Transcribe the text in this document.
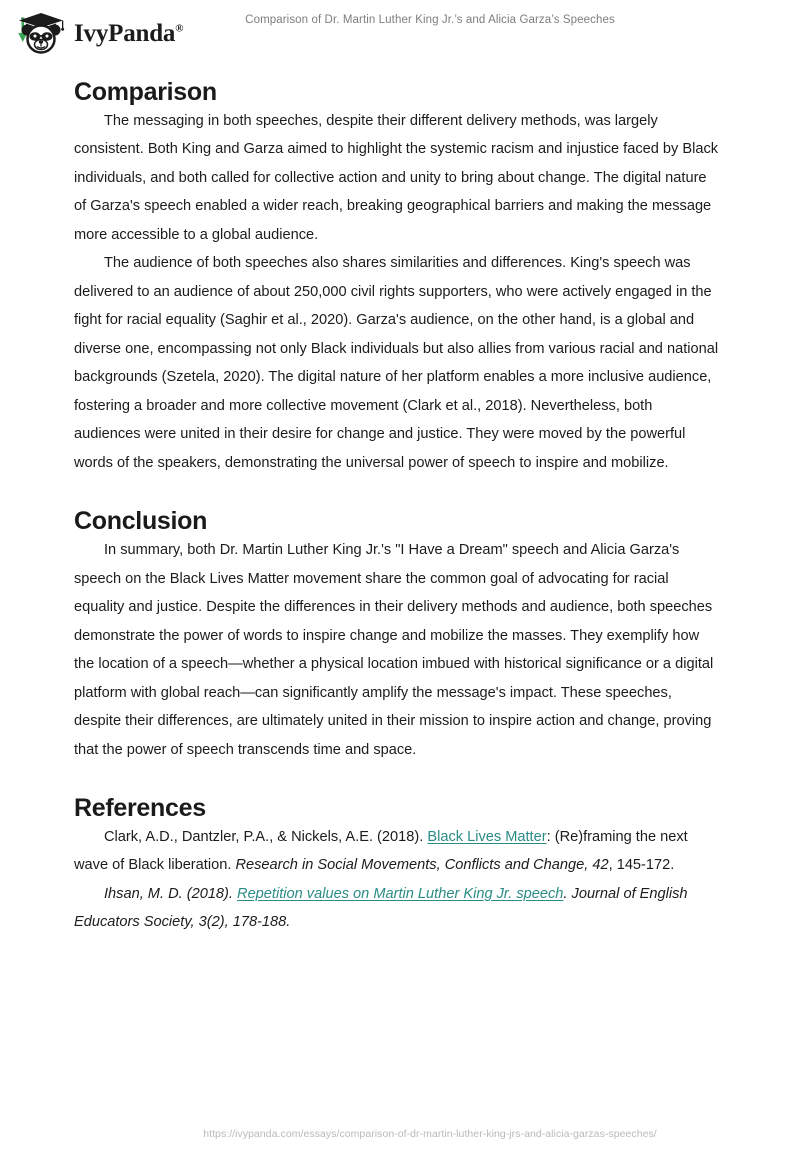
IvyPanda®
Comparison of Dr. Martin Luther King Jr.’s and Alicia Garza’s Speeches
Comparison

The messaging in both speeches, despite their different delivery methods, was largely consistent. Both King and Garza aimed to highlight the systemic racism and injustice faced by Black individuals, and both called for collective action and unity to bring about change. The digital nature of Garza's speech enabled a wider reach, breaking geographical barriers and making the message more accessible to a global audience.

The audience of both speeches also shares similarities and differences. King's speech was delivered to an audience of about 250,000 civil rights supporters, who were actively engaged in the fight for racial equality (Saghir et al., 2020). Garza's audience, on the other hand, is a global and diverse one, encompassing not only Black individuals but also allies from various racial and national backgrounds (Szetela, 2020). The digital nature of her platform enables a more inclusive audience, fostering a broader and more collective movement (Clark et al., 2018). Nevertheless, both audiences were united in their desire for change and justice. They were moved by the powerful words of the speakers, demonstrating the universal power of speech to inspire and mobilize.

Conclusion

In summary, both Dr. Martin Luther King Jr.'s "I Have a Dream" speech and Alicia Garza's speech on the Black Lives Matter movement share the common goal of advocating for racial equality and justice. Despite the differences in their delivery methods and audience, both speeches demonstrate the power of words to inspire change and mobilize the masses. They exemplify how the location of a speech—whether a physical location imbued with historical significance or a digital platform with global reach—can significantly amplify the message's impact. These speeches, despite their differences, are ultimately united in their mission to inspire action and change, proving that the power of speech transcends time and space.

References

Clark, A.D., Dantzler, P.A., & Nickels, A.E. (2018). Black Lives Matter: (Re)framing the next wave of Black liberation. Research in Social Movements, Conflicts and Change, 42, 145-172.

Ihsan, M. D. (2018). Repetition values on Martin Luther King Jr. speech. Journal of English Educators Society, 3(2), 178-188.

https://ivypanda.com/essays/comparison-of-dr-martin-luther-king-jrs-and-alicia-garzas-speeches/
